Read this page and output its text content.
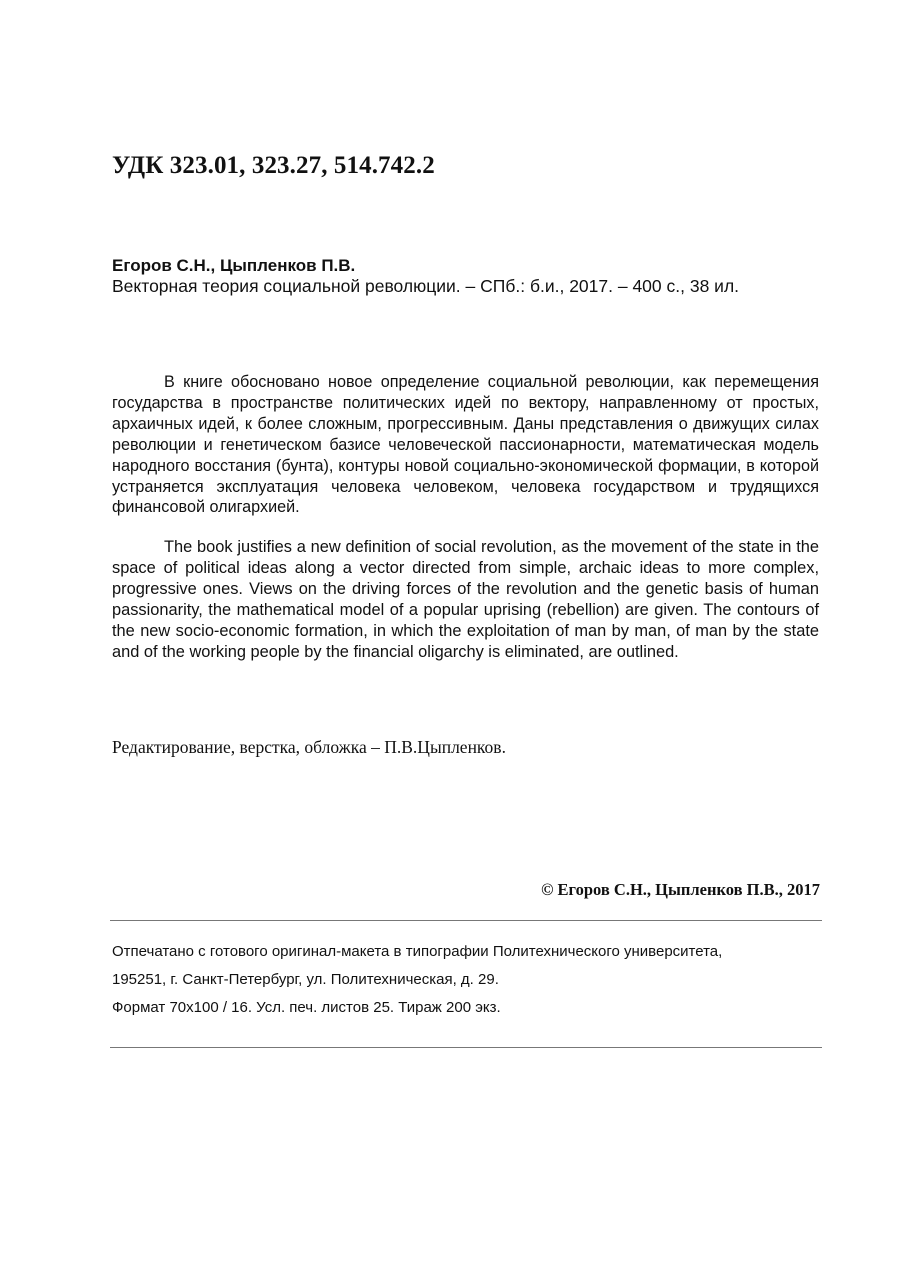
УДК 323.01, 323.27, 514.742.2
Егоров С.Н., Цыпленков П.В.
Векторная теория социальной революции. – СПб.: б.и., 2017. – 400 с., 38 ил.

В книге обосновано новое определение социальной революции, как перемещения государства в пространстве политических идей по вектору, направленному от простых, архаичных идей, к более сложным, прогрессивным. Даны представления о движущих силах революции и генетическом базисе человеческой пассионарности, математическая модель народного восстания (бунта), контуры новой социально-экономической формации, в которой устраняется эксплуатация человека человеком, человека государством и трудящихся финансовой олигархией.

The book justifies a new definition of social revolution, as the movement of the state in the space of political ideas along a vector directed from simple, archaic ideas to more complex, progressive ones. Views on the driving forces of the revolution and the genetic basis of human passionarity, the mathematical model of a popular uprising (rebellion) are given. The contours of the new socio-economic formation, in which the exploitation of man by man, of man by the state and of the working people by the financial oligarchy is eliminated, are outlined.

Редактирование, верстка, обложка – П.В.Цыпленков.
© Егоров С.Н., Цыпленков П.В., 2017
Отпечатано с готового оригинал-макета в типографии Политехнического университета,
195251, г. Санкт-Петербург, ул. Политехническая, д. 29.
Формат 70х100 / 16. Усл. печ. листов 25. Тираж 200 экз.
